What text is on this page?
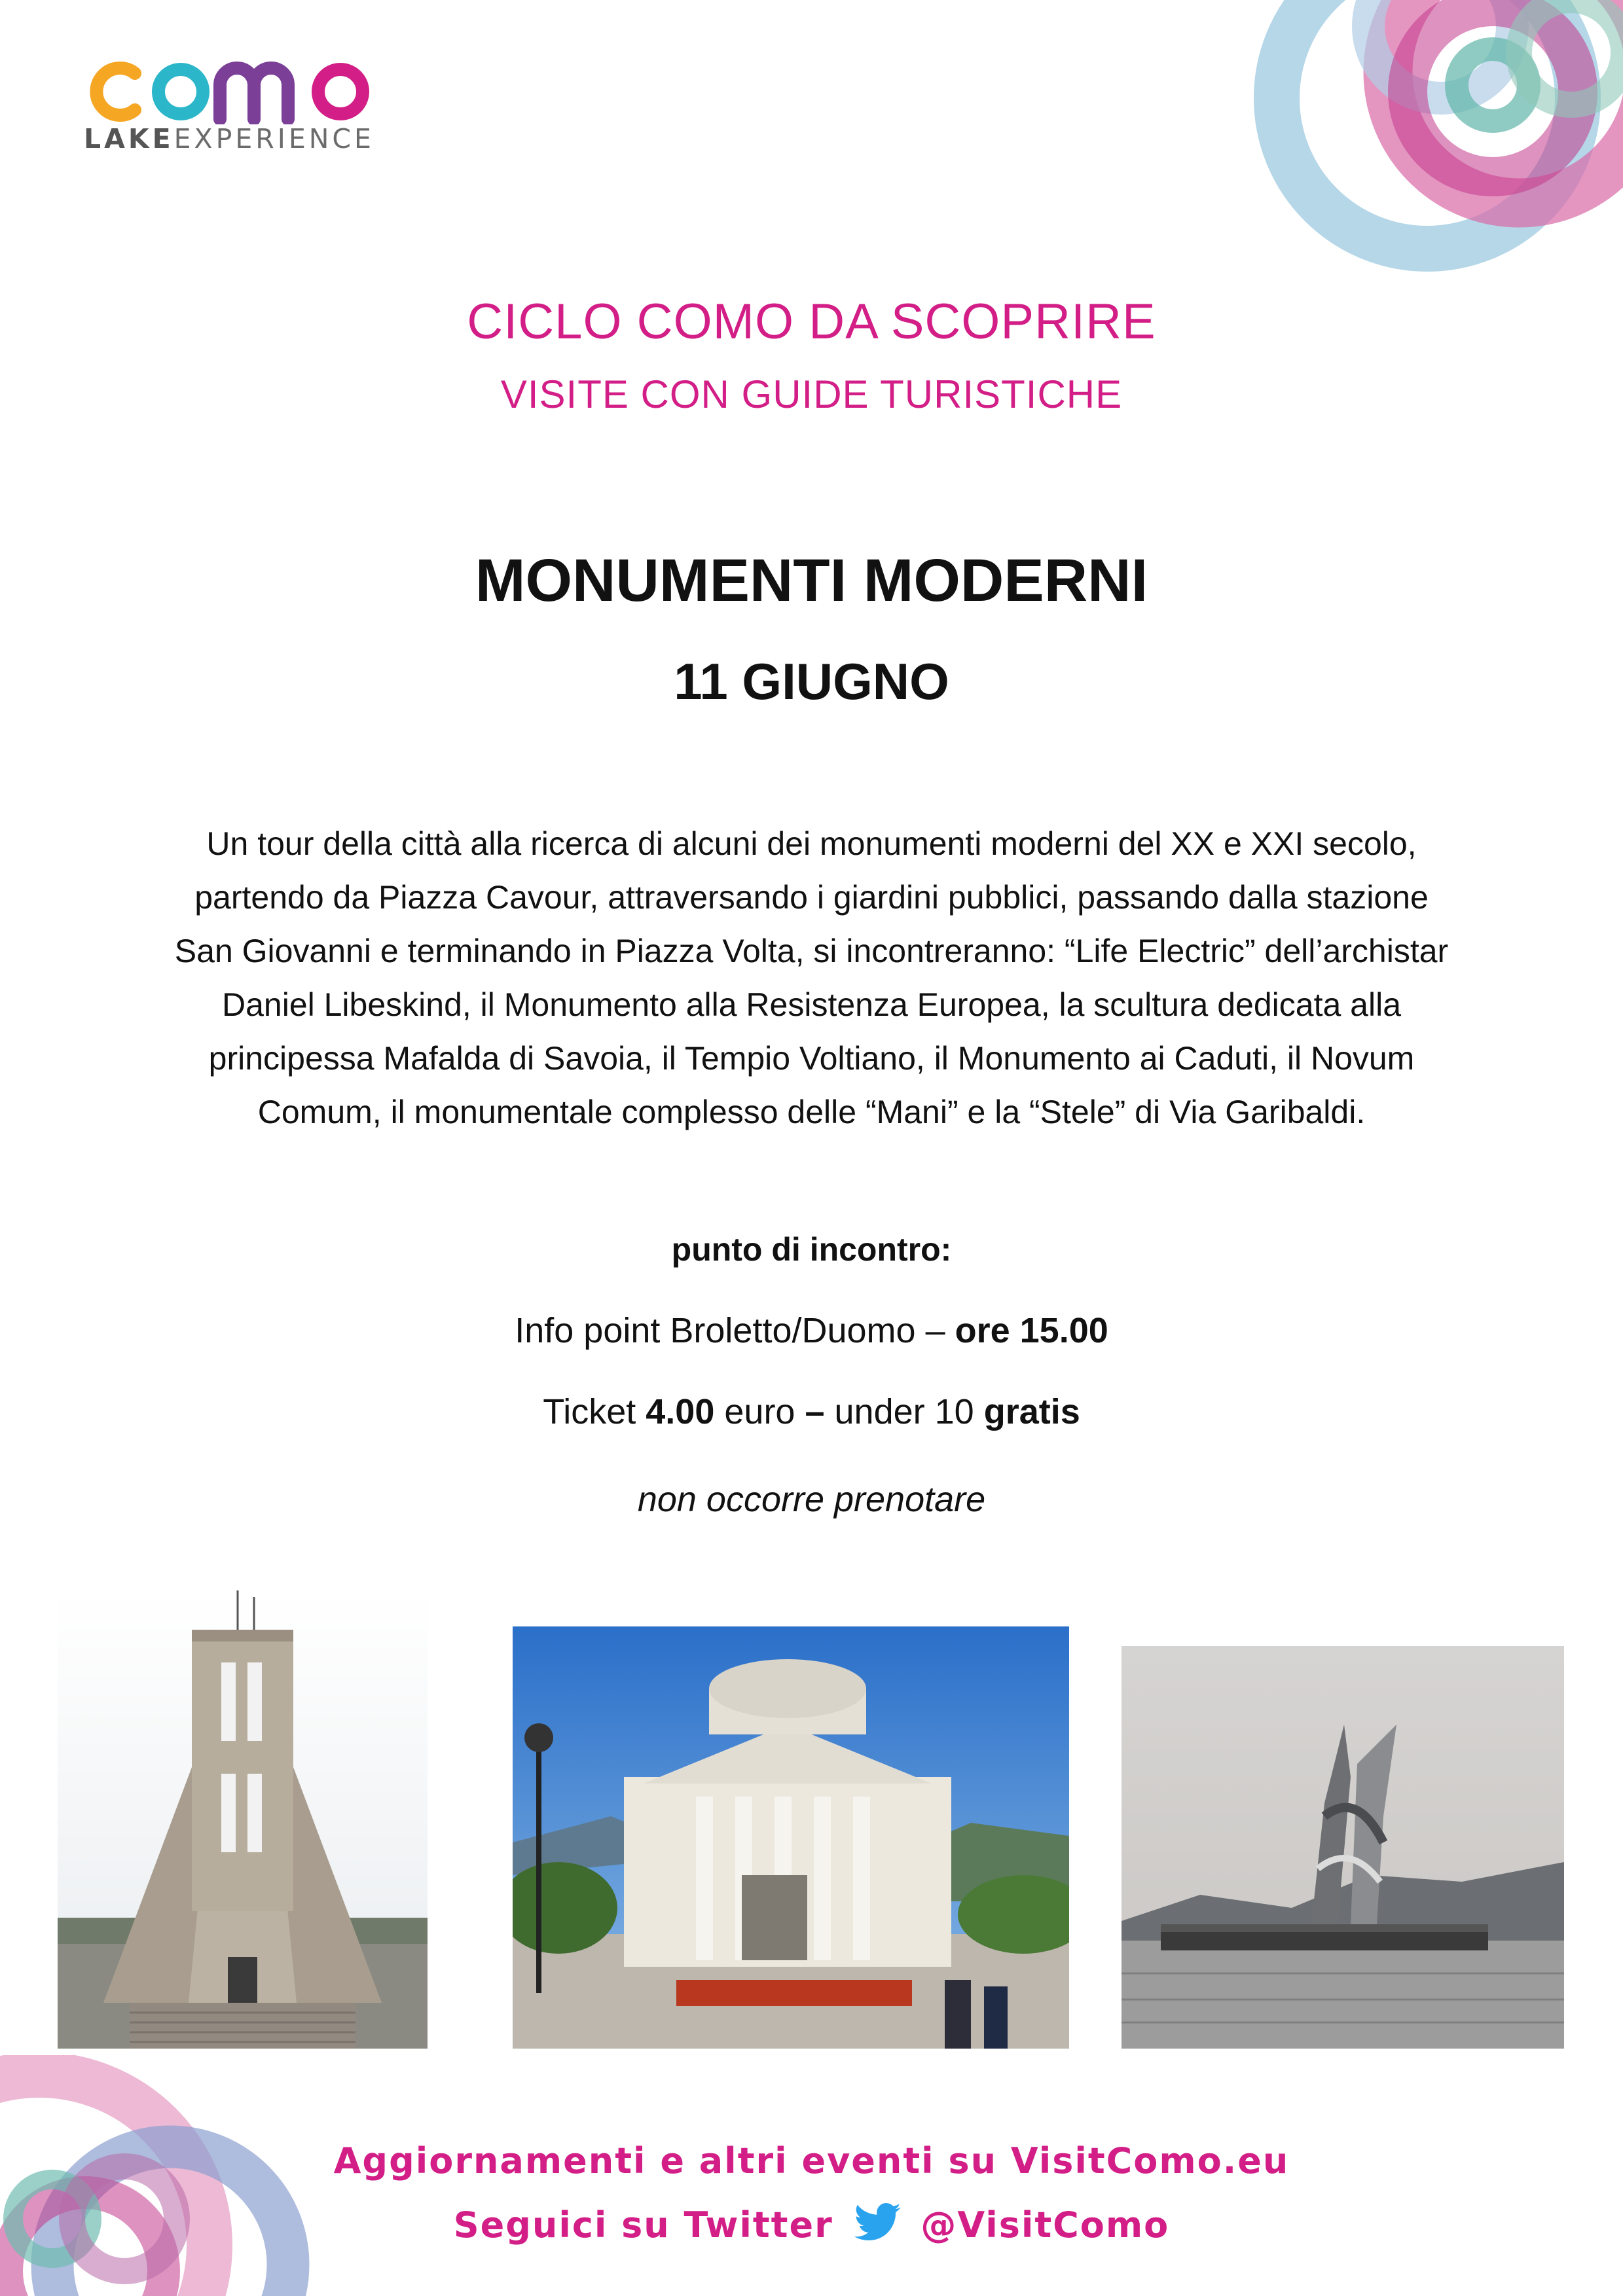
LAKEEXPERIENCE
CICLO COMO DA SCOPRIRE
VISITE CON GUIDE TURISTICHE
MONUMENTI MODERNI
11 GIUGNO
Un tour della città alla ricerca di alcuni dei monumenti moderni del XX e XXI secolo,
partendo da Piazza Cavour, attraversando i giardini pubblici, passando dalla stazione
San Giovanni e terminando in Piazza Volta, si incontreranno: “Life Electric” dell’archistar
Daniel Libeskind, il Monumento alla Resistenza Europea, la scultura dedicata alla
principessa Mafalda di Savoia, il Tempio Voltiano, il Monumento ai Caduti, il Novum
Comum, il monumentale complesso delle “Mani” e la “Stele” di Via Garibaldi.
punto di incontro:
Info point Broletto/Duomo – ore 15.00
Ticket 4.00 euro – under 10 gratis
non occorre prenotare
Aggiornamenti e altri eventi su VisitComo.eu
Seguici su Twitter @VisitComo
